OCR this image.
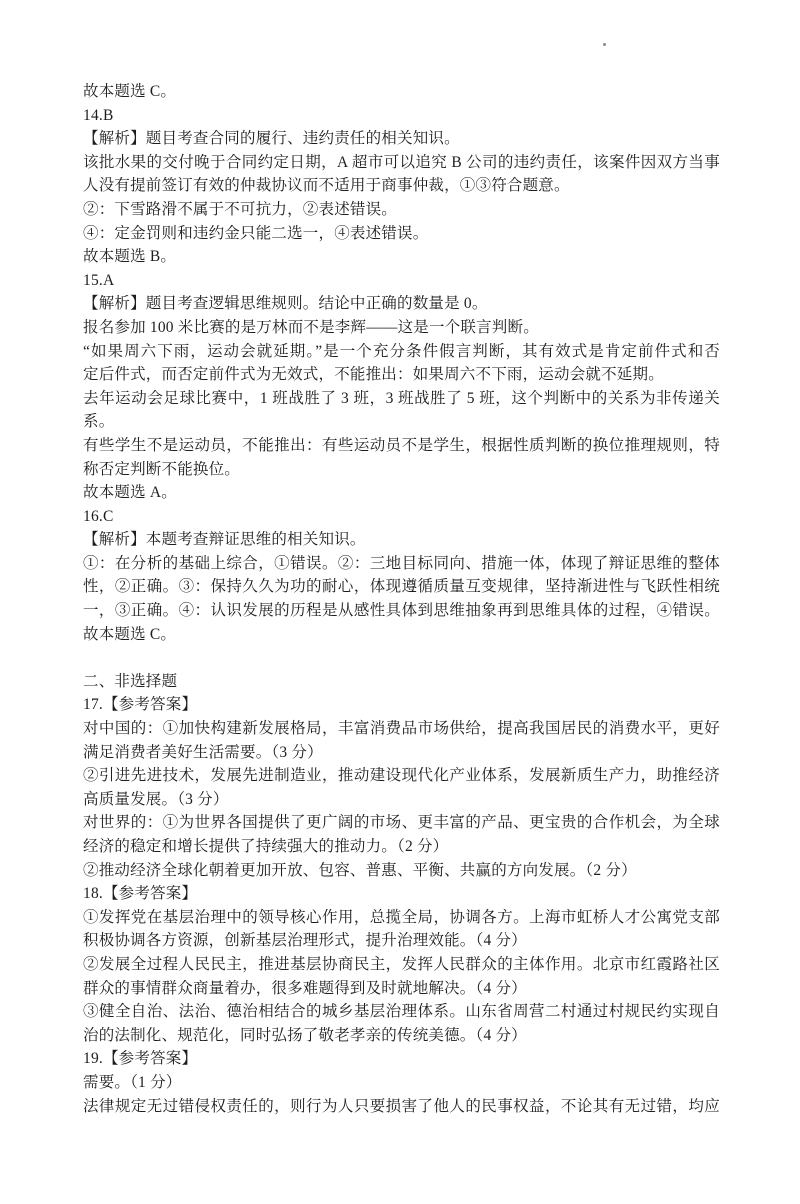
故本题选 C。
14.B
【解析】题目考查合同的履行、违约责任的相关知识。
该批水果的交付晚于合同约定日期，A 超市可以追究 B 公司的违约责任，该案件因双方当事
人没有提前签订有效的仲裁协议而不适用于商事仲裁，①③符合题意。
②：下雪路滑不属于不可抗力，②表述错误。
④：定金罚则和违约金只能二选一，④表述错误。
故本题选 B。
15.A
【解析】题目考查逻辑思维规则。结论中正确的数量是 0。
报名参加 100 米比赛的是万林而不是李辉——这是一个联言判断。
“如果周六下雨，运动会就延期。”是一个充分条件假言判断，其有效式是肯定前件式和否
定后件式，而否定前件式为无效式，不能推出：如果周六不下雨，运动会就不延期。
去年运动会足球比赛中，1 班战胜了 3 班，3 班战胜了 5 班，这个判断中的关系为非传递关
系。
有些学生不是运动员，不能推出：有些运动员不是学生，根据性质判断的换位推理规则，特
称否定判断不能换位。
故本题选 A。
16.C
【解析】本题考查辩证思维的相关知识。
①：在分析的基础上综合，①错误。②：三地目标同向、措施一体，体现了辩证思维的整体
性，②正确。③：保持久久为功的耐心，体现遵循质量互变规律，坚持渐进性与飞跃性相统
一，③正确。④：认识发展的历程是从感性具体到思维抽象再到思维具体的过程，④错误。
故本题选 C。
二、非选择题
17.【参考答案】
对中国的：①加快构建新发展格局，丰富消费品市场供给，提高我国居民的消费水平，更好
满足消费者美好生活需要。（3 分）
②引进先进技术，发展先进制造业，推动建设现代化产业体系，发展新质生产力，助推经济
高质量发展。（3 分）
对世界的：①为世界各国提供了更广阔的市场、更丰富的产品、更宝贵的合作机会，为全球
经济的稳定和增长提供了持续强大的推动力。（2 分）
②推动经济全球化朝着更加开放、包容、普惠、平衡、共赢的方向发展。（2 分）
18.【参考答案】
①发挥党在基层治理中的领导核心作用，总揽全局，协调各方。上海市虹桥人才公寓党支部
积极协调各方资源，创新基层治理形式，提升治理效能。（4 分）
②发展全过程人民民主，推进基层协商民主，发挥人民群众的主体作用。北京市红霞路社区
群众的事情群众商量着办，很多难题得到及时就地解决。（4 分）
③健全自治、法治、德治相结合的城乡基层治理体系。山东省周营二村通过村规民约实现自
治的法制化、规范化，同时弘扬了敬老孝亲的传统美德。（4 分）
19.【参考答案】
需要。（1 分）
法律规定无过错侵权责任的，则行为人只要损害了他人的民事权益，不论其有无过错，均应
